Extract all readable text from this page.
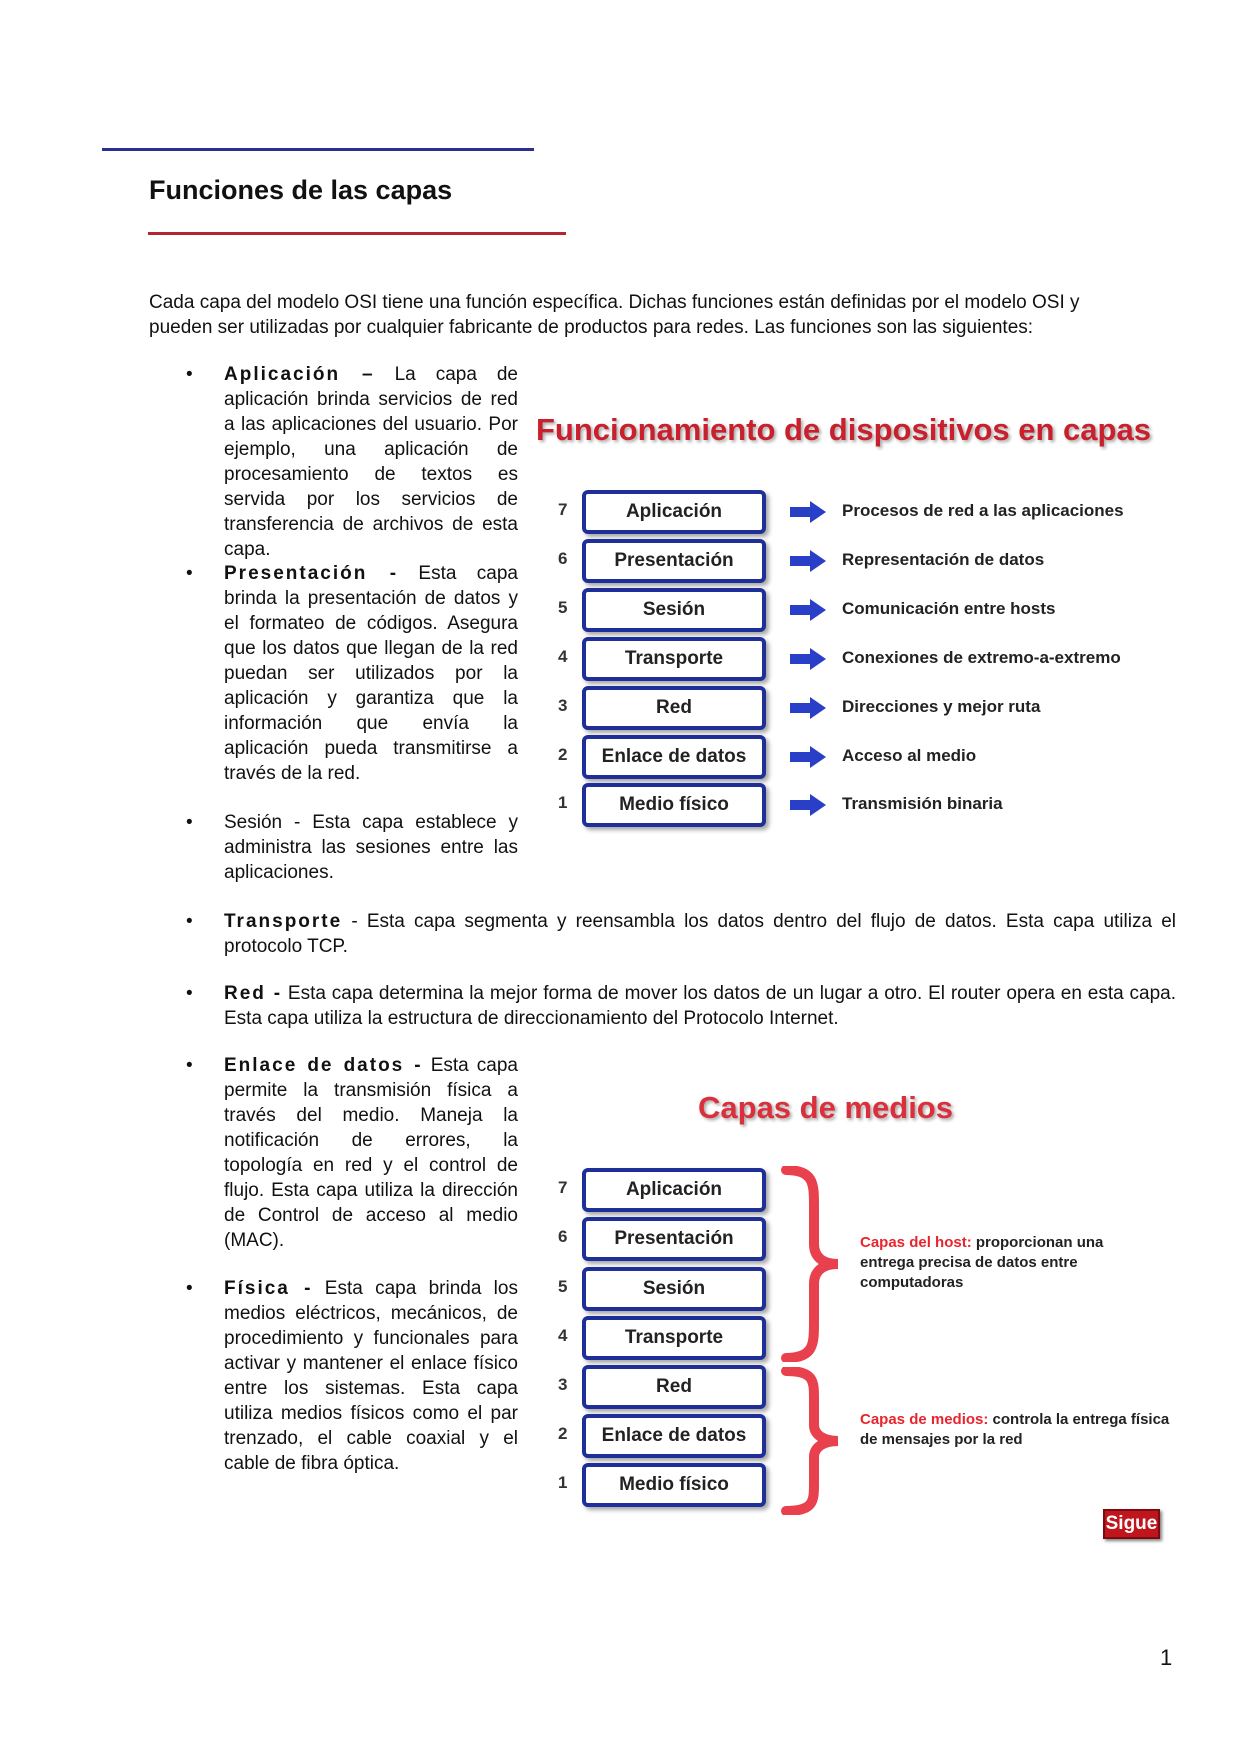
Funciones de las capas

Cada capa del modelo OSI tiene una función específica. Dichas funciones están definidas por el modelo OSI y pueden ser utilizadas por cualquier fabricante de productos para redes. Las funciones son las siguientes:

• Aplicación – La capa de aplicación brinda servicios de red a las aplicaciones del usuario. Por ejemplo, una aplicación de procesamiento de textos es servida por los servicios de transferencia de archivos de esta capa.
• Presentación - Esta capa brinda la presentación de datos y el formateo de códigos. Asegura que los datos que llegan de la red puedan ser utilizados por la aplicación y garantiza que la información que envía la aplicación pueda transmitirse a través de la red.
• Sesión - Esta capa establece y administra las sesiones entre las aplicaciones.
• Transporte - Esta capa segmenta y reensambla los datos dentro del flujo de datos. Esta capa utiliza el protocolo TCP.
• Red - Esta capa determina la mejor forma de mover los datos de un lugar a otro. El router opera en esta capa. Esta capa utiliza la estructura de direccionamiento del Protocolo Internet.
• Enlace de datos - Esta capa permite la transmisión física a través del medio. Maneja la notificación de errores, la topología en red y el control de flujo. Esta capa utiliza la dirección de Control de acceso al medio (MAC).
• Física - Esta capa brinda los medios eléctricos, mecánicos, de procedimiento y funcionales para activar y mantener el enlace físico entre los sistemas. Esta capa utiliza medios físicos como el par trenzado, el cable coaxial y el cable de fibra óptica.

Funcionamiento de dispositivos en capas

7	Aplicación	Procesos de red a las aplicaciones
6	Presentación	Representación de datos
5	Sesión	Comunicación entre hosts
4	Transporte	Conexiones de extremo-a-extremo
3	Red	Direcciones y mejor ruta
2	Enlace de datos	Acceso al medio
1	Medio físico	Transmisión binaria

Capas de medios

7	Aplicación
6	Presentación
5	Sesión
4	Transporte
3	Red
2	Enlace de datos
1	Medio físico
Capas del host: proporcionan una entrega precisa de datos entre computadoras
Capas de medios: controla la entrega física de mensajes por la red
Sigue
1
